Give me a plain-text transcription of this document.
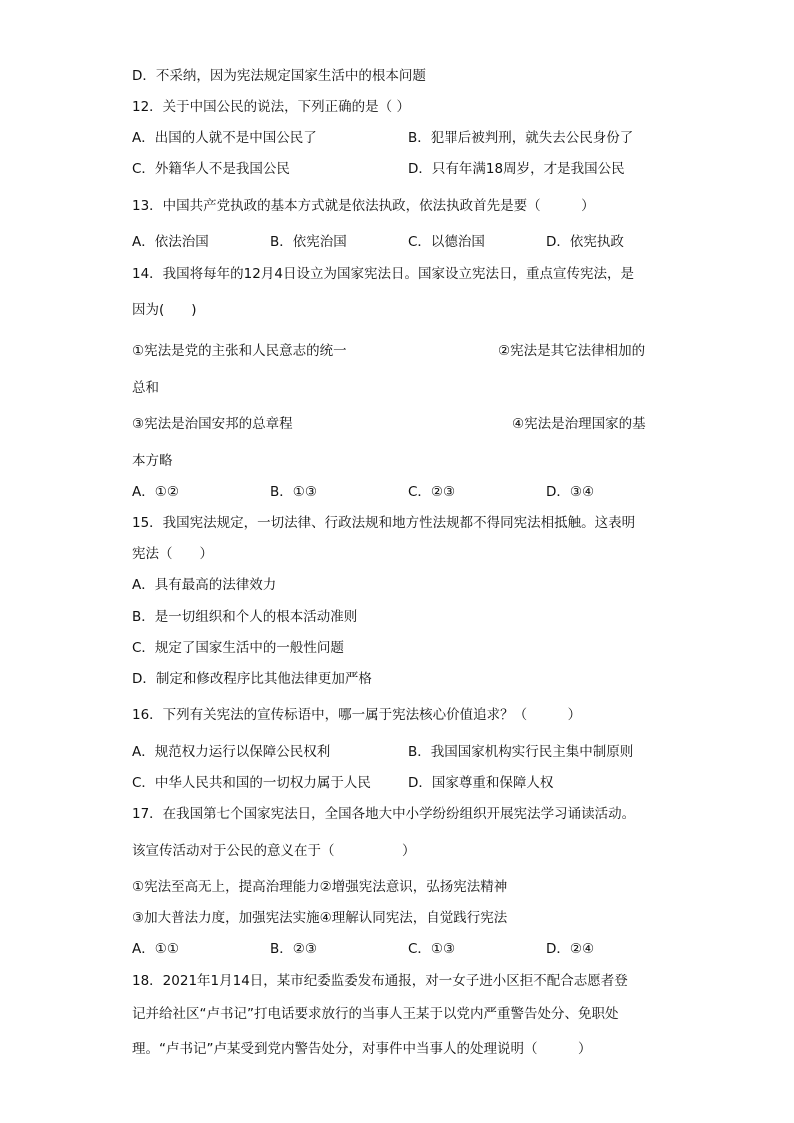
D．不采纳，因为宪法规定国家生活中的根本问题
12．关于中国公民的说法，下列正确的是（ ）
A．出国的人就不是中国公民了	B．犯罪后被判刑，就失去公民身份了
C．外籍华人不是我国公民	D．只有年满18周岁，才是我国公民
13．中国共产党执政的基本方式就是依法执政，依法执政首先是要（　　　）
A．依法治国	B．依宪治国	C．以德治国	D．依宪执政
14．我国将每年的12月4日设立为国家宪法日。国家设立宪法日，重点宣传宪法，是
因为(　　)
①宪法是党的主张和人民意志的统一	②宪法是其它法律相加的
总和
③宪法是治国安邦的总章程	④宪法是治理国家的基
本方略
A．①②	B．①③	C．②③	D．③④
15．我国宪法规定，一切法律、行政法规和地方性法规都不得同宪法相抵触。这表明
宪法（　　）
A．具有最高的法律效力
B．是一切组织和个人的根本活动准则
C．规定了国家生活中的一般性问题
D．制定和修改程序比其他法律更加严格
16．下列有关宪法的宣传标语中，哪一属于宪法核心价值追求？（　　　）
A．规范权力运行以保障公民权利	B．我国国家机构实行民主集中制原则
C．中华人民共和国的一切权力属于人民	D．国家尊重和保障人权
17．在我国第七个国家宪法日，全国各地大中小学纷纷组织开展宪法学习诵读活动。
该宣传活动对于公民的意义在于（　　　　　）
①宪法至高无上，提高治理能力②增强宪法意识，弘扬宪法精神
③加大普法力度，加强宪法实施④理解认同宪法，自觉践行宪法
A．①①	B．②③	C．①③	D．②④
18．2021年1月14日，某市纪委监委发布通报，对一女子进小区拒不配合志愿者登
记并给社区“卢书记”打电话要求放行的当事人王某于以党内严重警告处分、免职处
理。“卢书记”卢某受到党内警告处分，对事件中当事人的处理说明（　　　）
